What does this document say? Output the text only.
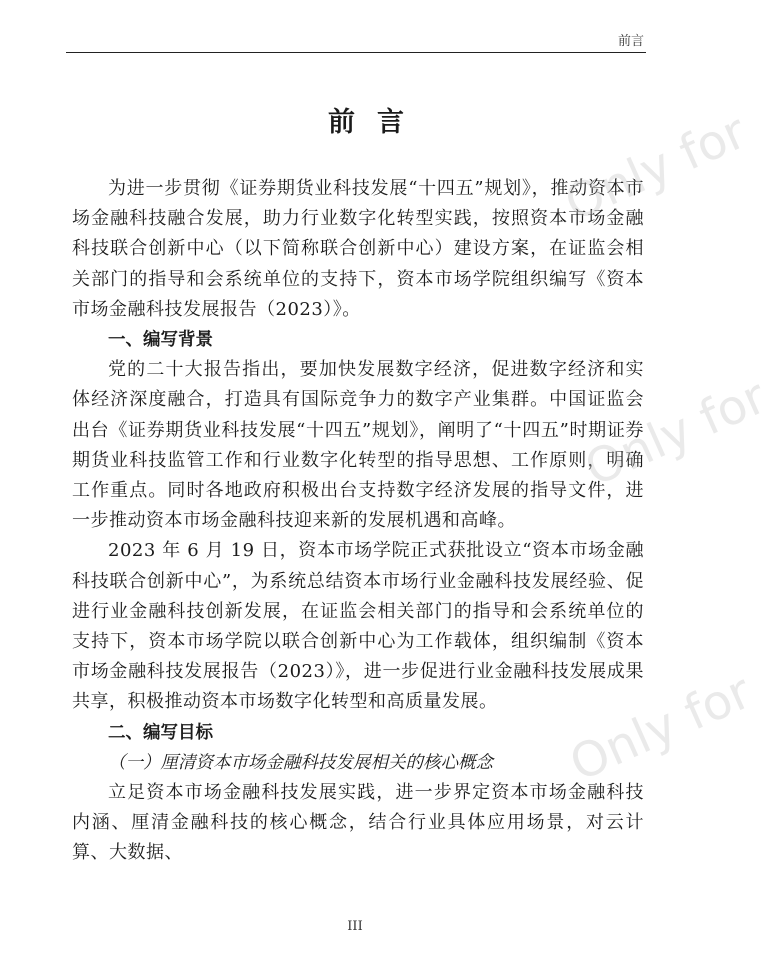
前言
前言

为进一步贯彻《证券期货业科技发展“十四五”规划》，推动资本市场金融科技融合发展，助力行业数字化转型实践，按照资本市场金融科技联合创新中心（以下简称联合创新中心）建设方案，在证监会相关部门的指导和会系统单位的支持下，资本市场学院组织编写《资本市场金融科技发展报告（2023）》。

一、编写背景

党的二十大报告指出，要加快发展数字经济，促进数字经济和实体经济深度融合，打造具有国际竞争力的数字产业集群。中国证监会出台《证券期货业科技发展“十四五”规划》，阐明了“十四五”时期证券期货业科技监管工作和行业数字化转型的指导思想、工作原则，明确工作重点。同时各地政府积极出台支持数字经济发展的指导文件，进一步推动资本市场金融科技迎来新的发展机遇和高峰。

2023 年 6 月 19 日，资本市场学院正式获批设立“资本市场金融科技联合创新中心”，为系统总结资本市场行业金融科技发展经验、促进行业金融科技创新发展，在证监会相关部门的指导和会系统单位的支持下，资本市场学院以联合创新中心为工作载体，组织编制《资本市场金融科技发展报告（2023）》，进一步促进行业金融科技发展成果共享，积极推动资本市场数字化转型和高质量发展。

二、编写目标

（一）厘清资本市场金融科技发展相关的核心概念

立足资本市场金融科技发展实践，进一步界定资本市场金融科技内涵、厘清金融科技的核心概念，结合行业具体应用场景，对云计算、大数据、

III
Only for
Only for
Only for
